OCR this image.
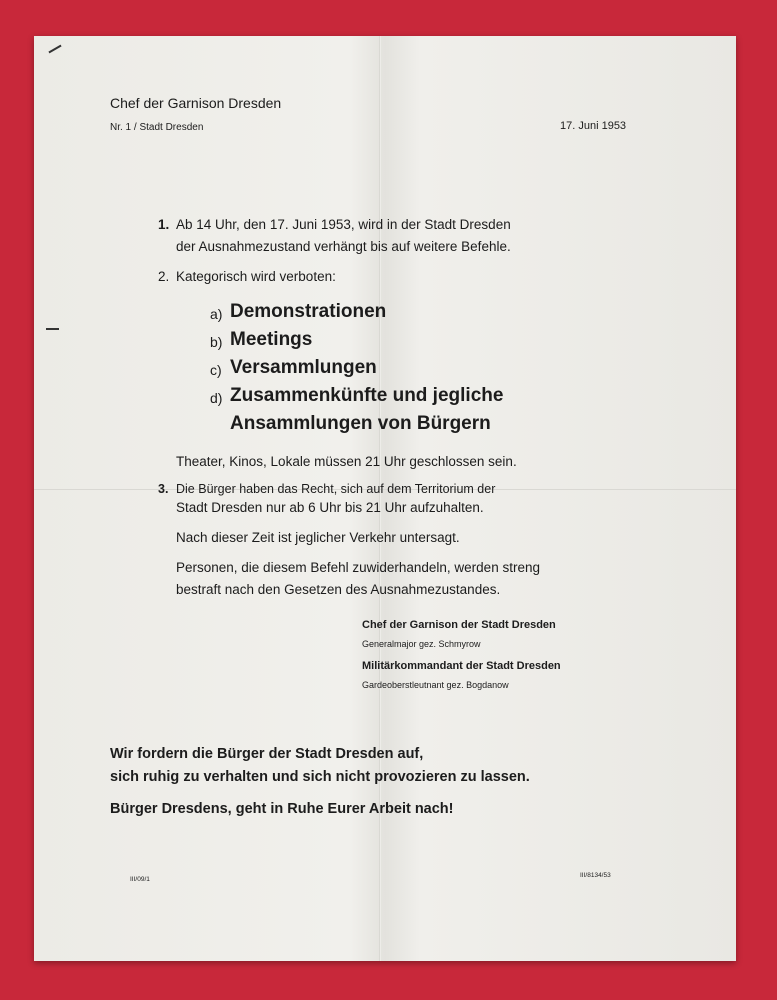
Chef der Garnison Dresden
Nr. 1 / Stadt Dresden	17. Juni 1953
1. Ab 14 Uhr, den 17. Juni 1953, wird in der Stadt Dresden
der Ausnahmezustand verhängt bis auf weitere Befehle.
2. Kategorisch wird verboten:
a) Demonstrationen
b) Meetings
c) Versammlungen
d) Zusammenkünfte und jegliche
Ansammlungen von Bürgern
Theater, Kinos, Lokale müssen 21 Uhr geschlossen sein.
3. Die Bürger haben das Recht, sich auf dem Territorium der
Stadt Dresden nur ab 6 Uhr bis 21 Uhr aufzuhalten.
Nach dieser Zeit ist jeglicher Verkehr untersagt.
Personen, die diesem Befehl zuwiderhandeln, werden streng
bestraft nach den Gesetzen des Ausnahmezustandes.
Chef der Garnison der Stadt Dresden
Generalmajor gez. Schmyrow
Militärkommandant der Stadt Dresden
Gardeoberstleutnant gez. Bogdanow
Wir fordern die Bürger der Stadt Dresden auf,
sich ruhig zu verhalten und sich nicht provozieren zu lassen.
Bürger Dresdens, geht in Ruhe Eurer Arbeit nach!
III/09/1
III/8134/53
